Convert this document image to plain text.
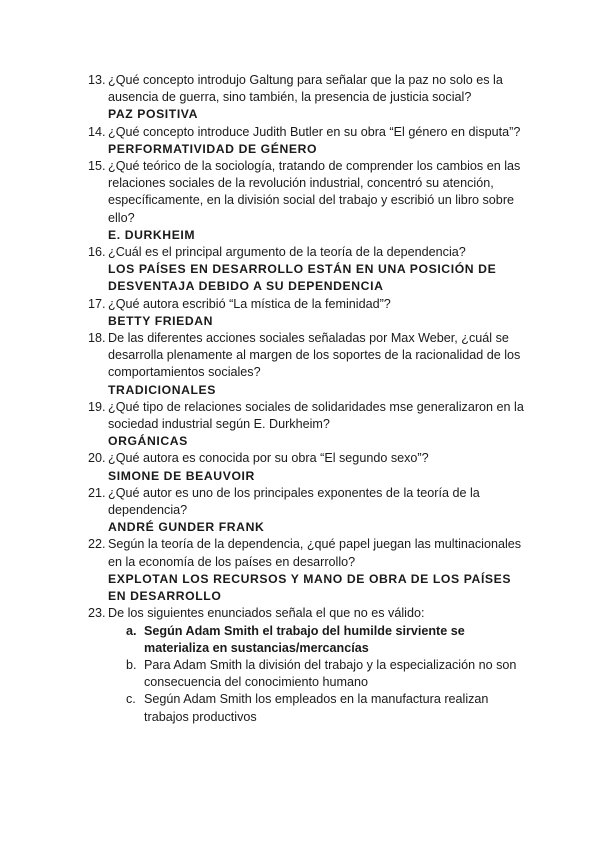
13. ¿Qué concepto introdujo Galtung para señalar que la paz no solo es la ausencia de guerra, sino también, la presencia de justicia social?
PAZ POSITIVA
14. ¿Qué concepto introduce Judith Butler en su obra “El género en disputa”?
PERFORMATIVIDAD DE GÉNERO
15. ¿Qué teórico de la sociología, tratando de comprender los cambios en las relaciones sociales de la revolución industrial, concentró su atención, específicamente, en la división social del trabajo y escribió un libro sobre ello?
E. DURKHEIM
16. ¿Cuál es el principal argumento de la teoría de la dependencia?
LOS PAÍSES EN DESARROLLO ESTÁN EN UNA POSICIÓN DE DESVENTAJA DEBIDO A SU DEPENDENCIA
17. ¿Qué autora escribió “La mística de la feminidad”?
BETTY FRIEDAN
18. De las diferentes acciones sociales señaladas por Max Weber, ¿cuál se desarrolla plenamente al margen de los soportes de la racionalidad de los comportamientos sociales?
TRADICIONALES
19. ¿Qué tipo de relaciones sociales de solidaridades mse generalizaron en la sociedad industrial según E. Durkheim?
ORGÁNICAS
20. ¿Qué autora es conocida por su obra “El segundo sexo”?
SIMONE DE BEAUVOIR
21. ¿Qué autor es uno de los principales exponentes de la teoría de la dependencia?
ANDRÉ GUNDER FRANK
22. Según la teoría de la dependencia, ¿qué papel juegan las multinacionales en la economía de los países en desarrollo?
EXPLOTAN LOS RECURSOS Y MANO DE OBRA DE LOS PAÍSES EN DESARROLLO
23. De los siguientes enunciados señala el que no es válido:
a. Según Adam Smith el trabajo del humilde sirviente se materializa en sustancias/mercancías
b. Para Adam Smith la división del trabajo y la especialización no son consecuencia del conocimiento humano
c. Según Adam Smith los empleados en la manufactura realizan trabajos productivos
